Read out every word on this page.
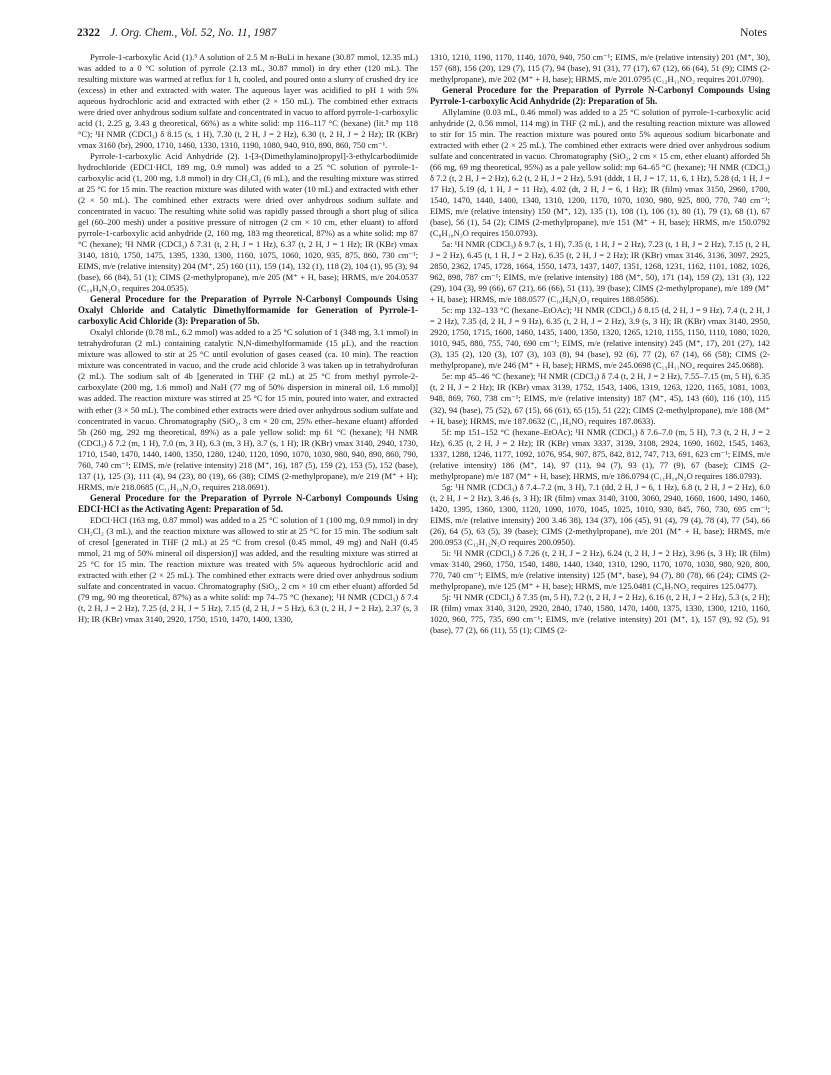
2322 J. Org. Chem., Vol. 52, No. 11, 1987	Notes

Pyrrole-1-carboxylic Acid (1).⁵ A solution of 2.5 M n-BuLi in hexane (30.87 mmol, 12.35 mL) was added to a 0 °C solution of pyrrole (2.13 mL, 30.87 mmol) in dry ether (120 mL). The resulting mixture was warmed at reflux for 1 h, cooled, and poured onto a slurry of crushed dry ice (excess) in ether and extracted with water. The aqueous layer was acidified to pH 1 with 5% aqueous hydrochloric acid and extracted with ether (2 × 150 mL). The combined ether extracts were dried over anhydrous sodium sulfate and concentrated in vacuo to afford pyrrole-1-carboxylic acid (1, 2.25 g, 3.43 g theoretical, 66%) as a white solid: mp 116–117 °C (hexane) (lit.⁵ mp 118 °C); ¹H NMR (CDCl₃) δ 8.15 (s, 1 H), 7.30 (t, 2 H, J = 2 Hz), 6.30 (t, 2 H, J = 2 Hz); IR (KBr) νmax 3160 (br), 2900, 1710, 1460, 1330, 1310, 1190, 1080, 940, 910, 890, 860, 750 cm⁻¹.

Pyrrole-1-carboxylic Acid Anhydride (2). 1-[3-(Dimethylamino)propyl]-3-ethylcarbodiimide hydrochloride (EDCI·HCl, 189 mg, 0.9 mmol) was added to a 25 °C solution of pyrrole-1-carboxylic acid (1, 200 mg, 1.8 mmol) in dry CH₂Cl₂ (6 mL), and the resulting mixture was stirred at 25 °C for 15 min. The reaction mixture was diluted with water (10 mL) and extracted with ether (2 × 50 mL). The combined ether extracts were dried over anhydrous sodium sulfate and concentrated in vacuo. The resulting white solid was rapidly passed through a short plug of silica gel (60–200 mesh) under a positive pressure of nitrogen (2 cm × 10 cm, ether eluant) to afford pyrrole-1-carboxylic acid anhydride (2, 160 mg, 183 mg theoretical, 87%) as a white solid: mp 87 °C (hexane); ¹H NMR (CDCl₃) δ 7.31 (t, 2 H, J = 1 Hz), 6.37 (t, 2 H, J = 1 Hz); IR (KBr) νmax 3140, 1810, 1750, 1475, 1395, 1330, 1300, 1160, 1075, 1060, 1020, 935, 875, 860, 730 cm⁻¹; EIMS, m/e (relative intensity) 204 (M⁺, 25) 160 (11), 159 (14), 132 (1), 118 (2), 104 (1), 95 (3), 94 (base), 66 (84), 51 (1); CIMS (2-methylpropane), m/e 205 (M⁺ + H, base); HRMS, m/e 204.0537 (C₁₀H₈N₂O₃ requires 204.0535).

General Procedure for the Preparation of Pyrrole N-Carbonyl Compounds Using Oxalyl Chloride and Catalytic Dimethylformamide for Generation of Pyrrole-1-carboxylic Acid Chloride (3): Preparation of 5b.

Oxalyl chloride (0.78 mL, 6.2 mmol) was added to a 25 °C solution of 1 (348 mg, 3.1 mmol) in tetrahydrofuran (2 mL) containing catalytic N,N-dimethylformamide (15 μL), and the reaction mixture was allowed to stir at 25 °C until evolution of gases ceased (ca. 10 min). The reaction mixture was concentrated in vacuo, and the crude acid chloride 3 was taken up in tetrahydrofuran (2 mL). The sodium salt of 4b [generated in THF (2 mL) at 25 °C from methyl pyrrole-2-carboxylate (200 mg, 1.6 mmol) and NaH (77 mg of 50% dispersion in mineral oil, 1.6 mmol)] was added. The reaction mixture was stirred at 25 °C for 15 min, poured into water, and extracted with ether (3 × 50 mL). The combined ether extracts were dried over anhydrous sodium sulfate and concentrated in vacuo. Chromatography (SiO₂, 3 cm × 20 cm, 25% ether–hexane eluant) afforded 5b (260 mg, 292 mg theoretical, 89%) as a pale yellow solid: mp 61 °C (hexane); ¹H NMR (CDCl₃) δ 7.2 (m, 1 H), 7.0 (m, 3 H), 6.3 (m, 3 H), 3.7 (s, 1 H); IR (KBr) νmax 3140, 2940, 1730, 1710, 1540, 1470, 1440, 1400, 1350, 1280, 1240, 1120, 1090, 1070, 1030, 980, 940, 890, 860, 790, 760, 740 cm⁻¹; EIMS, m/e (relative intensity) 218 (M⁺, 16), 187 (5), 159 (2), 153 (5), 152 (base), 137 (1), 125 (3), 111 (4), 94 (23), 80 (19), 66 (38); CIMS (2-methylpropane), m/e 219 (M⁺ + H); HRMS, m/e 218.0685 (C₁₁H₁₀N₂O₃ requires 218.0691).

General Procedure for the Preparation of Pyrrole N-Carbonyl Compounds Using EDCI·HCl as the Activating Agent: Preparation of 5d.

EDCI·HCl (163 mg, 0.87 mmol) was added to a 25 °C solution of 1 (100 mg, 0.9 mmol) in dry CH₂Cl₂ (3 mL), and the reaction mixture was allowed to stir at 25 °C for 15 min. The sodium salt of cresol [generated in THF (2 mL) at 25 °C from cresol (0.45 mmol, 49 mg) and NaH (0.45 mmol, 21 mg of 50% mineral oil dispersion)] was added, and the resulting mixture was stirred at 25 °C for 15 min. The reaction mixture was treated with 5% aqueous hydrochloric acid and extracted with ether (2 × 25 mL). The combined ether extracts were dried over anhydrous sodium sulfate and concentrated in vacuo. Chromatography (SiO₂, 2 cm × 10 cm ether eluant) afforded 5d (79 mg, 90 mg theoretical, 87%) as a white solid: mp 74–75 °C (hexane); ¹H NMR (CDCl₃) δ 7.4 (t, 2 H, J = 2 Hz), 7.25 (d, 2 H, J = 5 Hz), 7.15 (d, 2 H, J = 5 Hz), 6.3 (t, 2 H, J = 2 Hz), 2.37 (s, 3 H); IR (KBr) νmax 3140, 2920, 1750, 1510, 1470, 1400, 1330,

1310, 1210, 1190, 1170, 1140, 1070, 940, 750 cm⁻¹; EIMS, m/e (relative intensity) 201 (M⁺, 30), 157 (68), 156 (20), 129 (7), 115 (7), 94 (base), 91 (31), 77 (17), 67 (12), 66 (64), 51 (9); CIMS (2-methylpropane), m/e 202 (M⁺ + H, base); HRMS, m/e 201.0795 (C₁₂H₁₁NO₂ requires 201.0790).

General Procedure for the Preparation of Pyrrole N-Carbonyl Compounds Using Pyrrole-1-carboxylic Acid Anhydride (2): Preparation of 5h.

Allylamine (0.03 mL, 0.46 mmol) was added to a 25 °C solution of pyrrole-1-carboxylic acid anhydride (2, 0.56 mmol, 114 mg) in THF (2 mL), and the resulting reaction mixture was allowed to stir for 15 min. The reaction mixture was poured onto 5% aqueous sodium bicarbonate and extracted with ether (2 × 25 mL). The combined ether extracts were dried over anhydrous sodium sulfate and concentrated in vacuo. Chromatography (SiO₂, 2 cm × 15 cm, ether eluant) afforded 5h (66 mg, 69 mg theoretical, 95%) as a pale yellow solid: mp 64–65 °C (hexane); ¹H NMR (CDCl₃) δ 7.2 (t, 2 H, J = 2 Hz), 6.2 (t, 2 H, J = 2 Hz), 5.91 (dddt, 1 H, J = 17, 11, 6, 1 Hz), 5.28 (d, 1 H, J = 17 Hz), 5.19 (d, 1 H, J = 11 Hz), 4.02 (dt, 2 H, J = 6, 1 Hz); IR (film) νmax 3150, 2960, 1700, 1540, 1470, 1440, 1400, 1340, 1310, 1200, 1170, 1070, 1030, 980, 925, 800, 770, 740 cm⁻¹; EIMS, m/e (relative intensity) 150 (M⁺, 12), 135 (1), 108 (1), 106 (1), 80 (1), 79 (1), 68 (1), 67 (base), 56 (1), 54 (2); CIMS (2-methylpropane), m/e 151 (M⁺ + H, base); HRMS, m/e 150.0792 (C₈H₁₀N₂O requires 150.0793).

5a: ¹H NMR (CDCl₃) δ 9.7 (s, 1 H), 7.35 (t, 1 H, J = 2 Hz), 7.23 (t, 1 H, J = 2 Hz), 7.15 (t, 2 H, J = 2 Hz), 6.45 (t, 1 H, J = 2 Hz), 6.35 (t, 2 H, J = 2 Hz); IR (KBr) νmax 3146, 3136, 3097, 2925, 2850, 2362, 1745, 1728, 1664, 1550, 1473, 1437, 1407, 1351, 1268, 1231, 1162, 1101, 1082, 1026, 962, 898, 787 cm⁻¹; EIMS, m/e (relative intensity) 188 (M⁺, 50), 171 (14), 159 (2), 131 (3), 122 (29), 104 (3), 99 (66), 67 (21), 66 (66), 51 (11), 39 (base); CIMS (2-methylpropane), m/e 189 (M⁺ + H, base); HRMS, m/e 188.0577 (C₁₀H₈N₂O₂ requires 188.0586).

5c: mp 132–133 °C (hexane–EtOAc); ¹H NMR (CDCl₃) δ 8.15 (d, 2 H, J = 9 Hz), 7.4 (t, 2 H, J = 2 Hz), 7.35 (d, 2 H, J = 9 Hz), 6.35 (t, 2 H, J = 2 Hz), 3.9 (s, 3 H); IR (KBr) νmax 3140, 2950, 2920, 1750, 1715, 1600, 1460, 1435, 1400, 1350, 1320, 1265, 1210, 1155, 1150, 1110, 1080, 1020, 1010, 945, 880, 755, 740, 690 cm⁻¹; EIMS, m/e (relative intensity) 245 (M⁺, 17), 201 (27), 142 (3), 135 (2), 120 (3), 107 (3), 103 (8), 94 (base), 92 (6), 77 (2), 67 (14), 66 (58); CIMS (2-methylpropane), m/e 246 (M⁺ + H, base); HRMS, m/e 245.0698 (C₁₃H₁₁NO₄ requires 245.0688).

5e: mp 45–46 °C (hexane); ¹H NMR (CDCl₃) δ 7.4 (t, 2 H, J = 2 Hz), 7.55–7.15 (m, 5 H), 6.35 (t, 2 H, J = 2 Hz); IR (KBr) νmax 3139, 1752, 1543, 1406, 1319, 1263, 1220, 1165, 1081, 1003, 948, 869, 760, 738 cm⁻¹; EIMS, m/e (relative intensity) 187 (M⁺, 45), 143 (60), 116 (10), 115 (32), 94 (base), 75 (52), 67 (15), 66 (61), 65 (15), 51 (22); CIMS (2-methylpropane), m/e 188 (M⁺ + H, base); HRMS, m/e 187.0632 (C₁₁H₉NO₂ requires 187.0633).

5f: mp 151–152 °C (hexane–EtOAc); ¹H NMR (CDCl₃) δ 7.6–7.0 (m, 5 H), 7.3 (t, 2 H, J = 2 Hz), 6.35 (t, 2 H, J = 2 Hz); IR (KBr) νmax 3337, 3139, 3108, 2924, 1690, 1602, 1545, 1463, 1337, 1288, 1246, 1177, 1092, 1076, 954, 907, 875, 842, 812, 747, 713, 691, 623 cm⁻¹; EIMS, m/e (relative intensity) 186 (M⁺, 14), 97 (11), 94 (7), 93 (1), 77 (9), 67 (base); CIMS (2-methylpropane) m/e 187 (M⁺ + H, base); HRMS, m/e 186.0794 (C₁₁H₁₀N₂O requires 186.0793).

5g: ¹H NMR (CDCl₃) δ 7.4–7.2 (m, 3 H), 7.1 (dd, 2 H, J = 6, 1 Hz), 6.8 (t, 2 H, J = 2 Hz), 6.0 (t, 2 H, J = 2 Hz), 3.46 (s, 3 H); IR (film) νmax 3140, 3100, 3060, 2940, 1660, 1600, 1490, 1460, 1420, 1395, 1360, 1300, 1120, 1090, 1070, 1045, 1025, 1010, 930, 845, 760, 730, 695 cm⁻¹; EIMS, m/e (relative intensity) 200 3.46 38), 134 (37), 106 (45), 91 (4), 79 (4), 78 (4), 77 (54), 66 (26), 64 (5), 63 (5), 39 (base); CIMS (2-methylpropane), m/e 201 (M⁺ + H, base); HRMS, m/e 200.0953 (C₁₂H₁₂N₂O requires 200.0950).

5i: ¹H NMR (CDCl₃) δ 7.26 (t, 2 H, J = 2 Hz), 6.24 (t, 2 H, J = 2 Hz), 3.96 (s, 3 H); IR (film) νmax 3140, 2960, 1750, 1540, 1480, 1440, 1340, 1310, 1290, 1170, 1070, 1030, 980, 920, 800, 770, 740 cm⁻¹; EIMS, m/e (relative intensity) 125 (M⁺, base), 94 (7), 80 (78), 66 (24); CIMS (2-methylpropane), m/e 125 (M⁺ + H, base); HRMS, m/e 125.0481 (C₆H₇NO₂ requires 125.0477).

5j: ¹H NMR (CDCl₃) δ 7.35 (m, 5 H), 7.2 (t, 2 H, J = 2 Hz), 6.16 (t, 2 H, J = 2 Hz), 5.3 (s, 2 H); IR (film) νmax 3140, 3120, 2920, 2840, 1740, 1580, 1470, 1400, 1375, 1330, 1300, 1210, 1160, 1020, 960, 775, 735, 690 cm⁻¹; EIMS, m/e (relative intensity) 201 (M⁺, 1), 157 (9), 92 (5), 91 (base), 77 (2), 66 (11), 55 (1); CIMS (2-
